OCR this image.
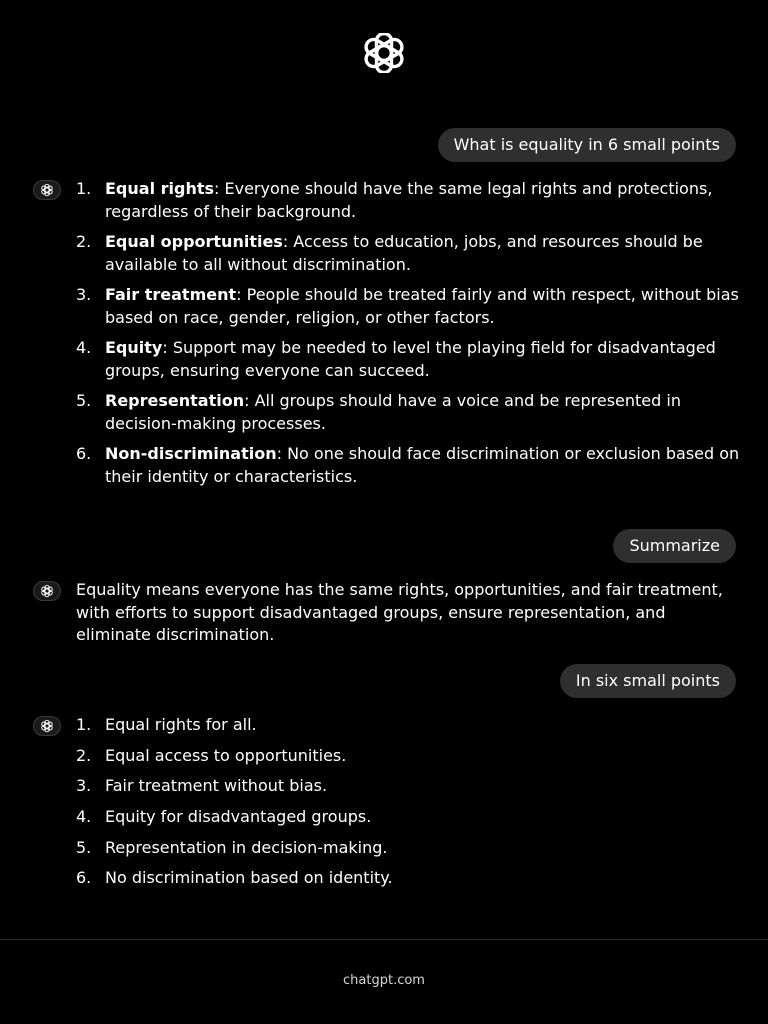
What is equality in 6 small points
1. Equal rights: Everyone should have the same legal rights and protections, regardless of their background.
2. Equal opportunities: Access to education, jobs, and resources should be available to all without discrimination.
3. Fair treatment: People should be treated fairly and with respect, without bias based on race, gender, religion, or other factors.
4. Equity: Support may be needed to level the playing field for disadvantaged groups, ensuring everyone can succeed.
5. Representation: All groups should have a voice and be represented in decision-making processes.
6. Non-discrimination: No one should face discrimination or exclusion based on their identity or characteristics.
Summarize

Equality means everyone has the same rights, opportunities, and fair treatment, with efforts to support disadvantaged groups, ensure representation, and eliminate discrimination.

In six small points
1. Equal rights for all.
2. Equal access to opportunities.
3. Fair treatment without bias.
4. Equity for disadvantaged groups.
5. Representation in decision-making.
6. No discrimination based on identity.
chatgpt.com
